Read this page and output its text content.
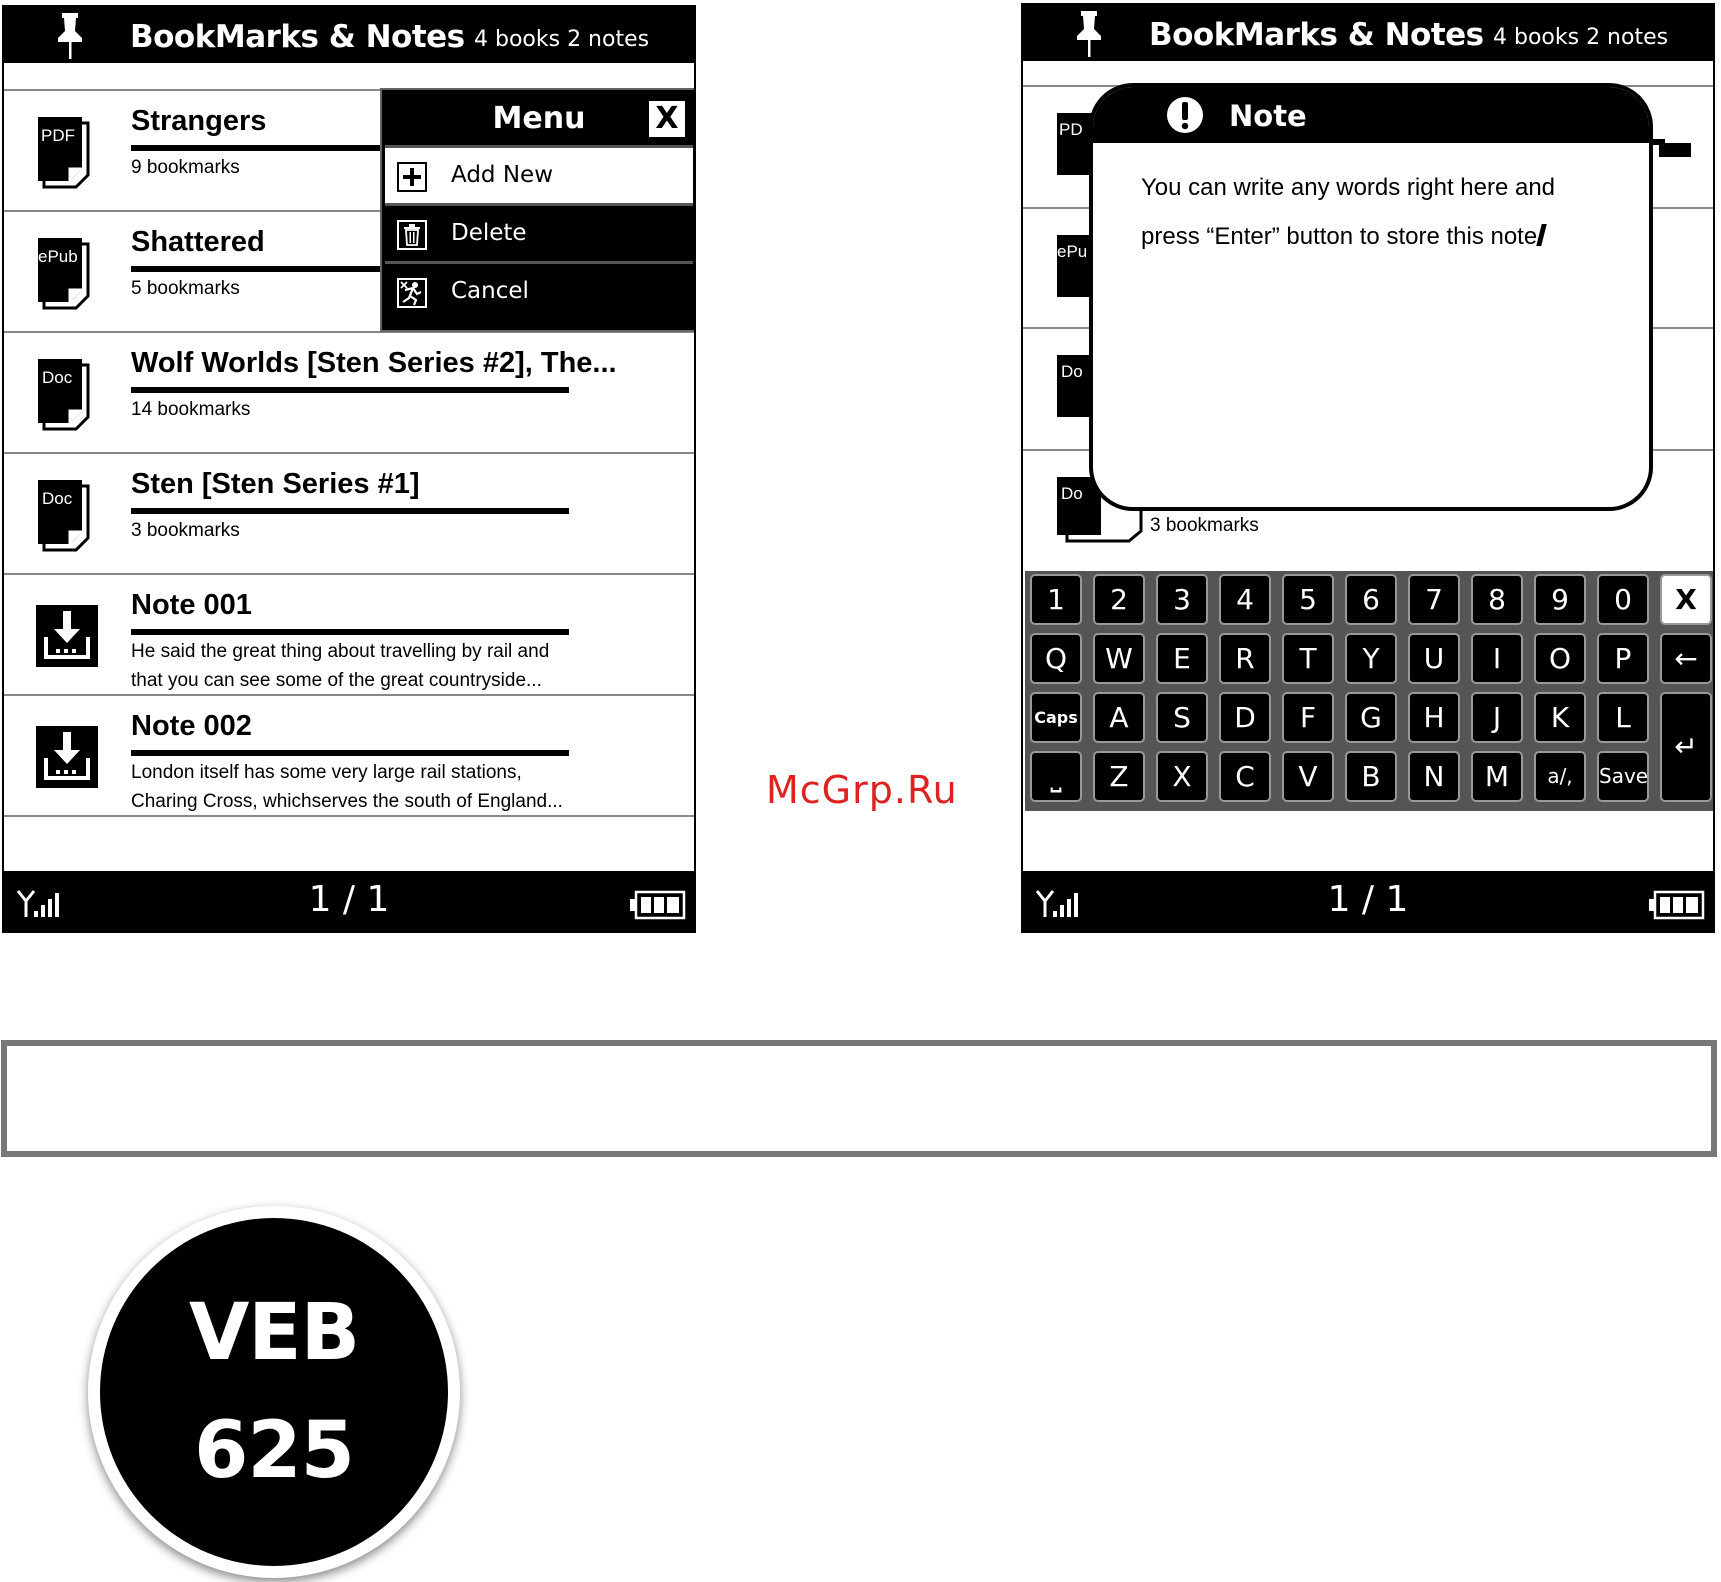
BookMarks & Notes 4 books 2 notes
PDF Strangers
9 bookmarks
ePub Shattered
5 bookmarks
Doc Wolf Worlds [Sten Series #2], The...
14 bookmarks
Doc Sten [Sten Series #1]
3 bookmarks
Note 001
He said the great thing about travelling by rail and
that you can see some of the great countryside...
Note 002
London itself has some very large rail stations,
Charing Cross, whichserves the south of England...
Menu	X
Add New
Delete
Cancel
1 / 1
BookMarks & Notes 4 books 2 notes
PD
ePu
Do
Do
3 bookmarks
Note
You can write any words right here and
press “Enter” button to store this note
1	2	3	4	5	6	7	8	9	0	X
Q	W	E	R	T	Y	U	I	O	P	←
Caps	A	S	D	F	G	H	J	K	L
↵
⎵	Z	X	C	V	B	N	M	a/,	Save
1 / 1
McGrp.Ru
VEB
625
